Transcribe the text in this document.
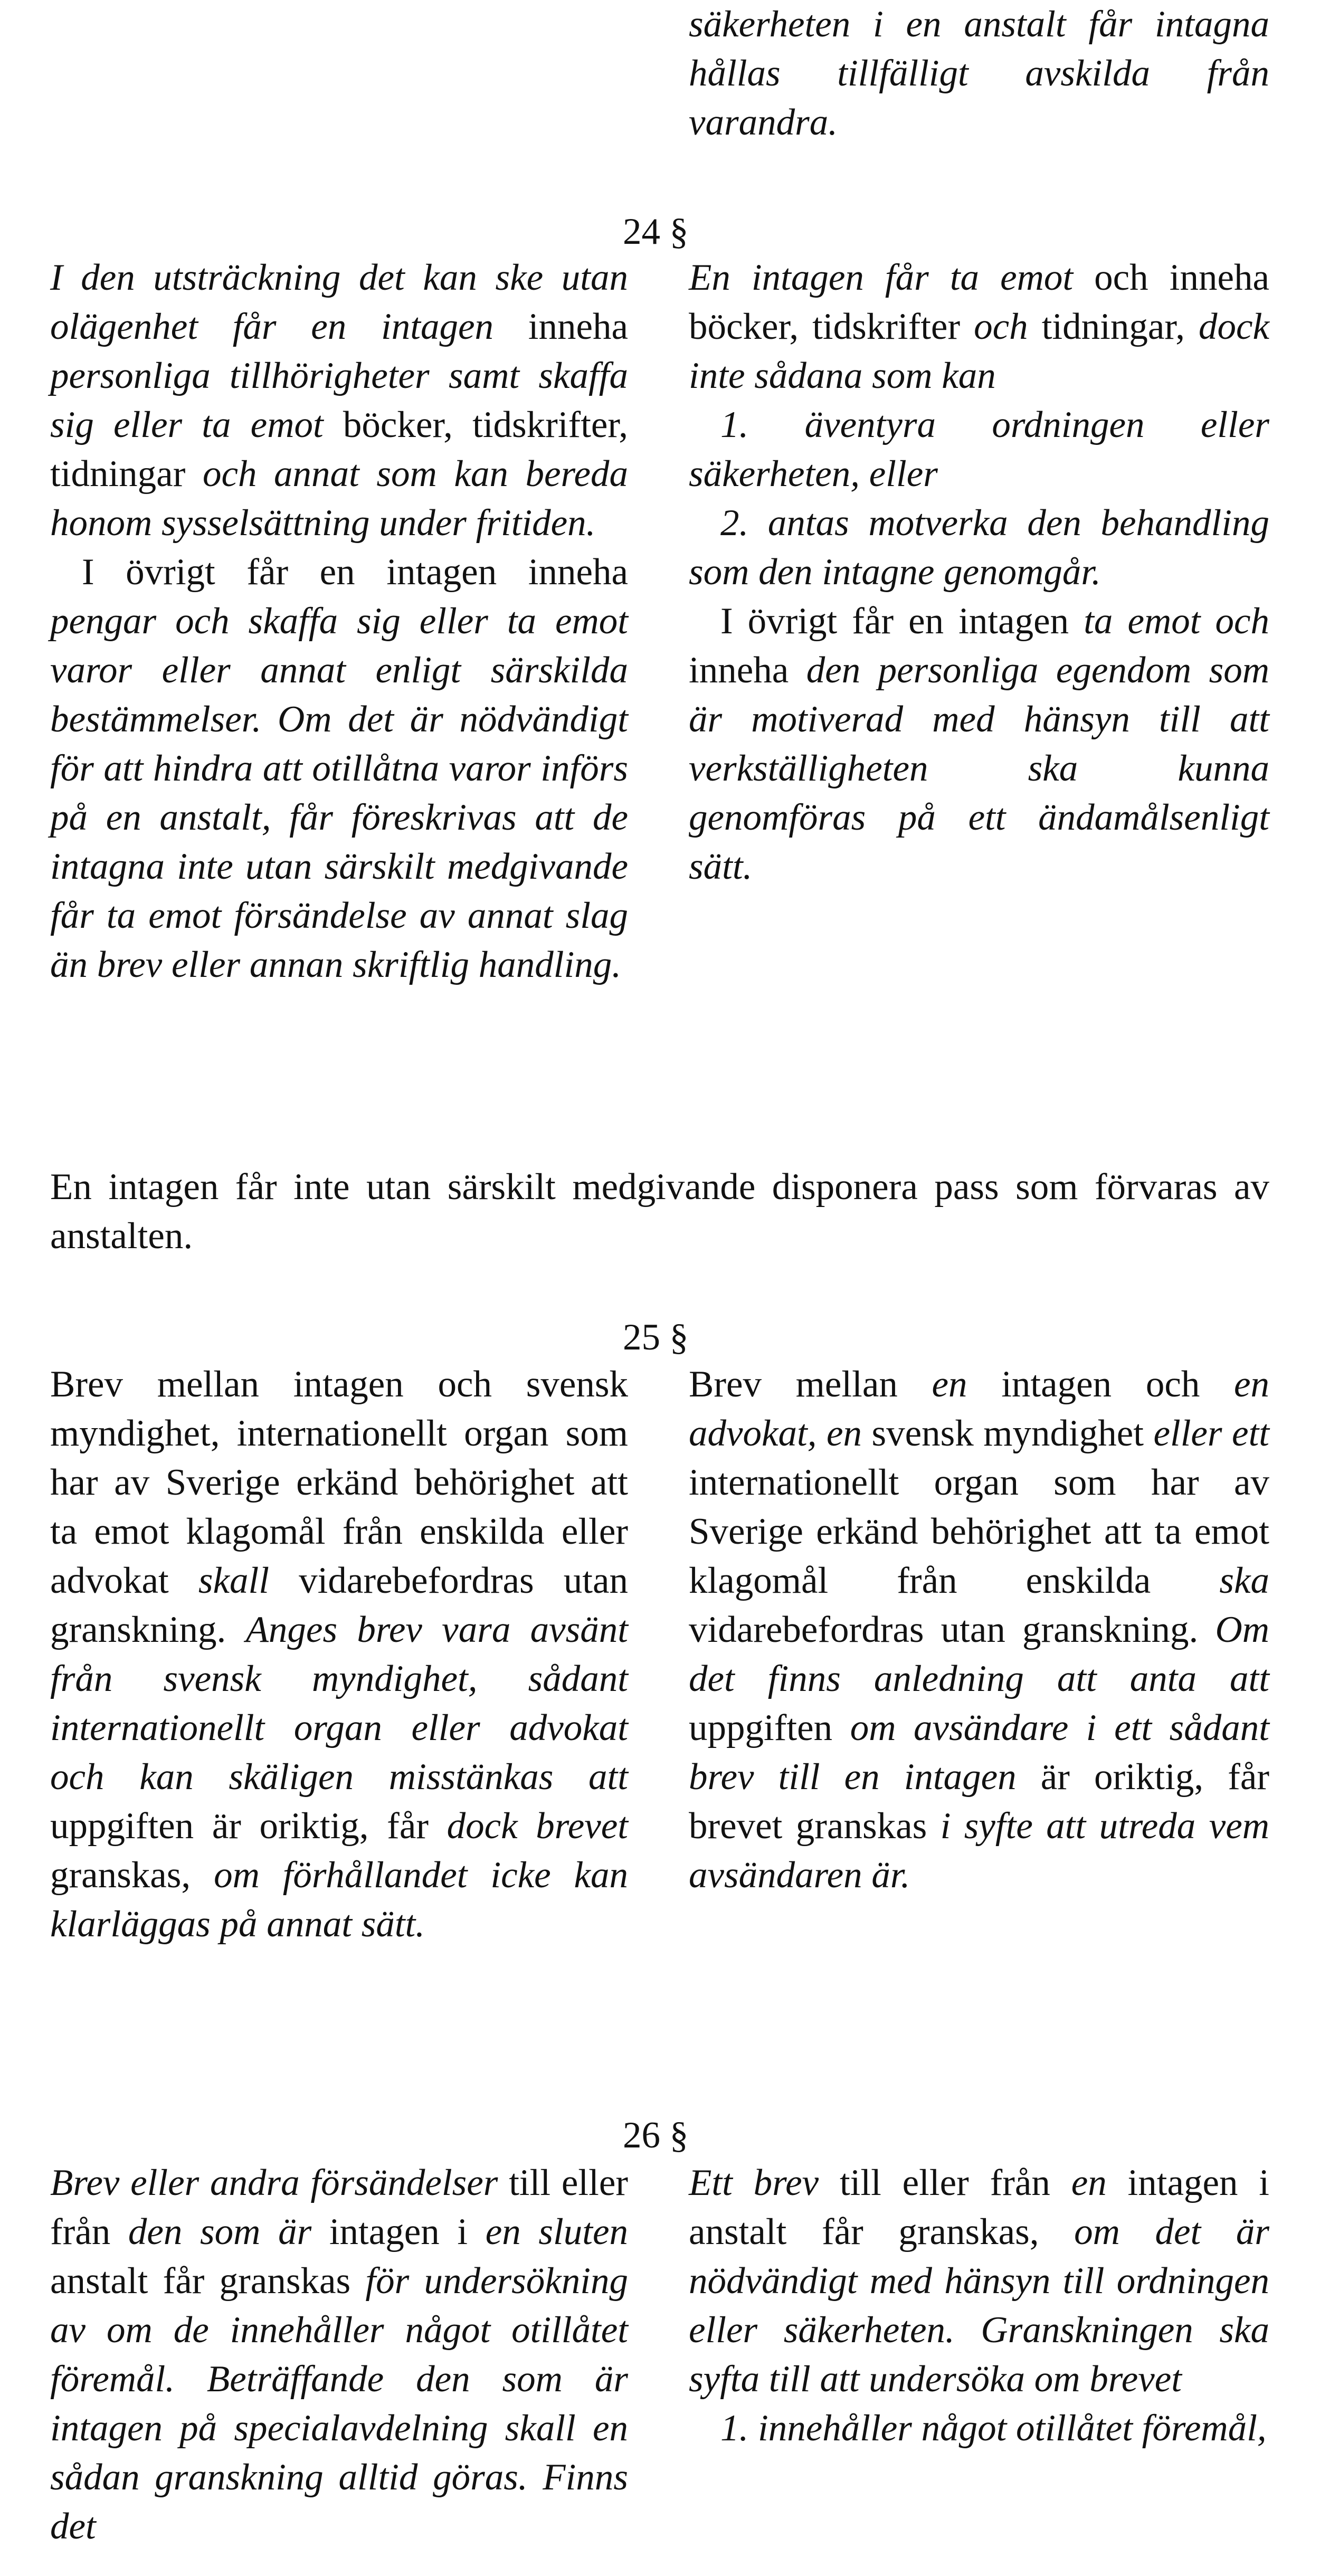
säkerheten i en anstalt får intagna
hållas tillfälligt avskilda från
varandra.
24 §

I den utsträckning det kan ske utan olägenhet får en intagen inneha personliga tillhörigheter samt skaffa sig eller ta emot böcker, tidskrifter, tidningar och annat som kan bereda honom sysselsättning under fritiden.

I övrigt får en intagen inneha pengar och skaffa sig eller ta emot varor eller annat enligt särskilda bestämmelser. Om det är nödvändigt för att hindra att otillåtna varor införs på en anstalt, får föreskrivas att de intagna inte utan särskilt medgivande får ta emot försändelse av annat slag än brev eller annan skriftlig handling.

En intagen får ta emot och inneha böcker, tidskrifter och tidningar, dock inte sådana som kan

1. äventyra ordningen eller säkerheten, eller

2. antas motverka den behandling som den intagne genomgår.

I övrigt får en intagen ta emot och inneha den personliga egendom som är motiverad med hänsyn till att verkställigheten ska kunna genomföras på ett ändamålsenligt sätt.

En intagen får inte utan särskilt medgivande disponera pass som förvaras av anstalten.

25 §

Brev mellan intagen och svensk myndighet, internationellt organ som har av Sverige erkänd behörighet att ta emot klagomål från enskilda eller advokat skall vidarebefordras utan granskning. Anges brev vara avsänt från svensk myndighet, sådant internationellt organ eller advokat och kan skäligen misstänkas att uppgiften är oriktig, får dock brevet granskas, om förhållandet icke kan klarläggas på annat sätt.

Brev mellan en intagen och en advokat, en svensk myndighet eller ett internationellt organ som har av Sverige erkänd behörighet att ta emot klagomål från enskilda ska vidarebefordras utan granskning. Om det finns anledning att anta att uppgiften om avsändare i ett sådant brev till en intagen är oriktig, får brevet granskas i syfte att utreda vem avsändaren är.

26 §

Brev eller andra försändelser till eller från den som är intagen i en sluten anstalt får granskas för undersökning av om de innehåller något otillåtet föremål. Beträffande den som är intagen på specialavdelning skall en sådan granskning alltid göras. Finns det

Ett brev till eller från en intagen i anstalt får granskas, om det är nödvändigt med hänsyn till ordningen eller säkerheten. Granskningen ska syfta till att undersöka om brevet

1. innehåller något otillåtet föremål,
